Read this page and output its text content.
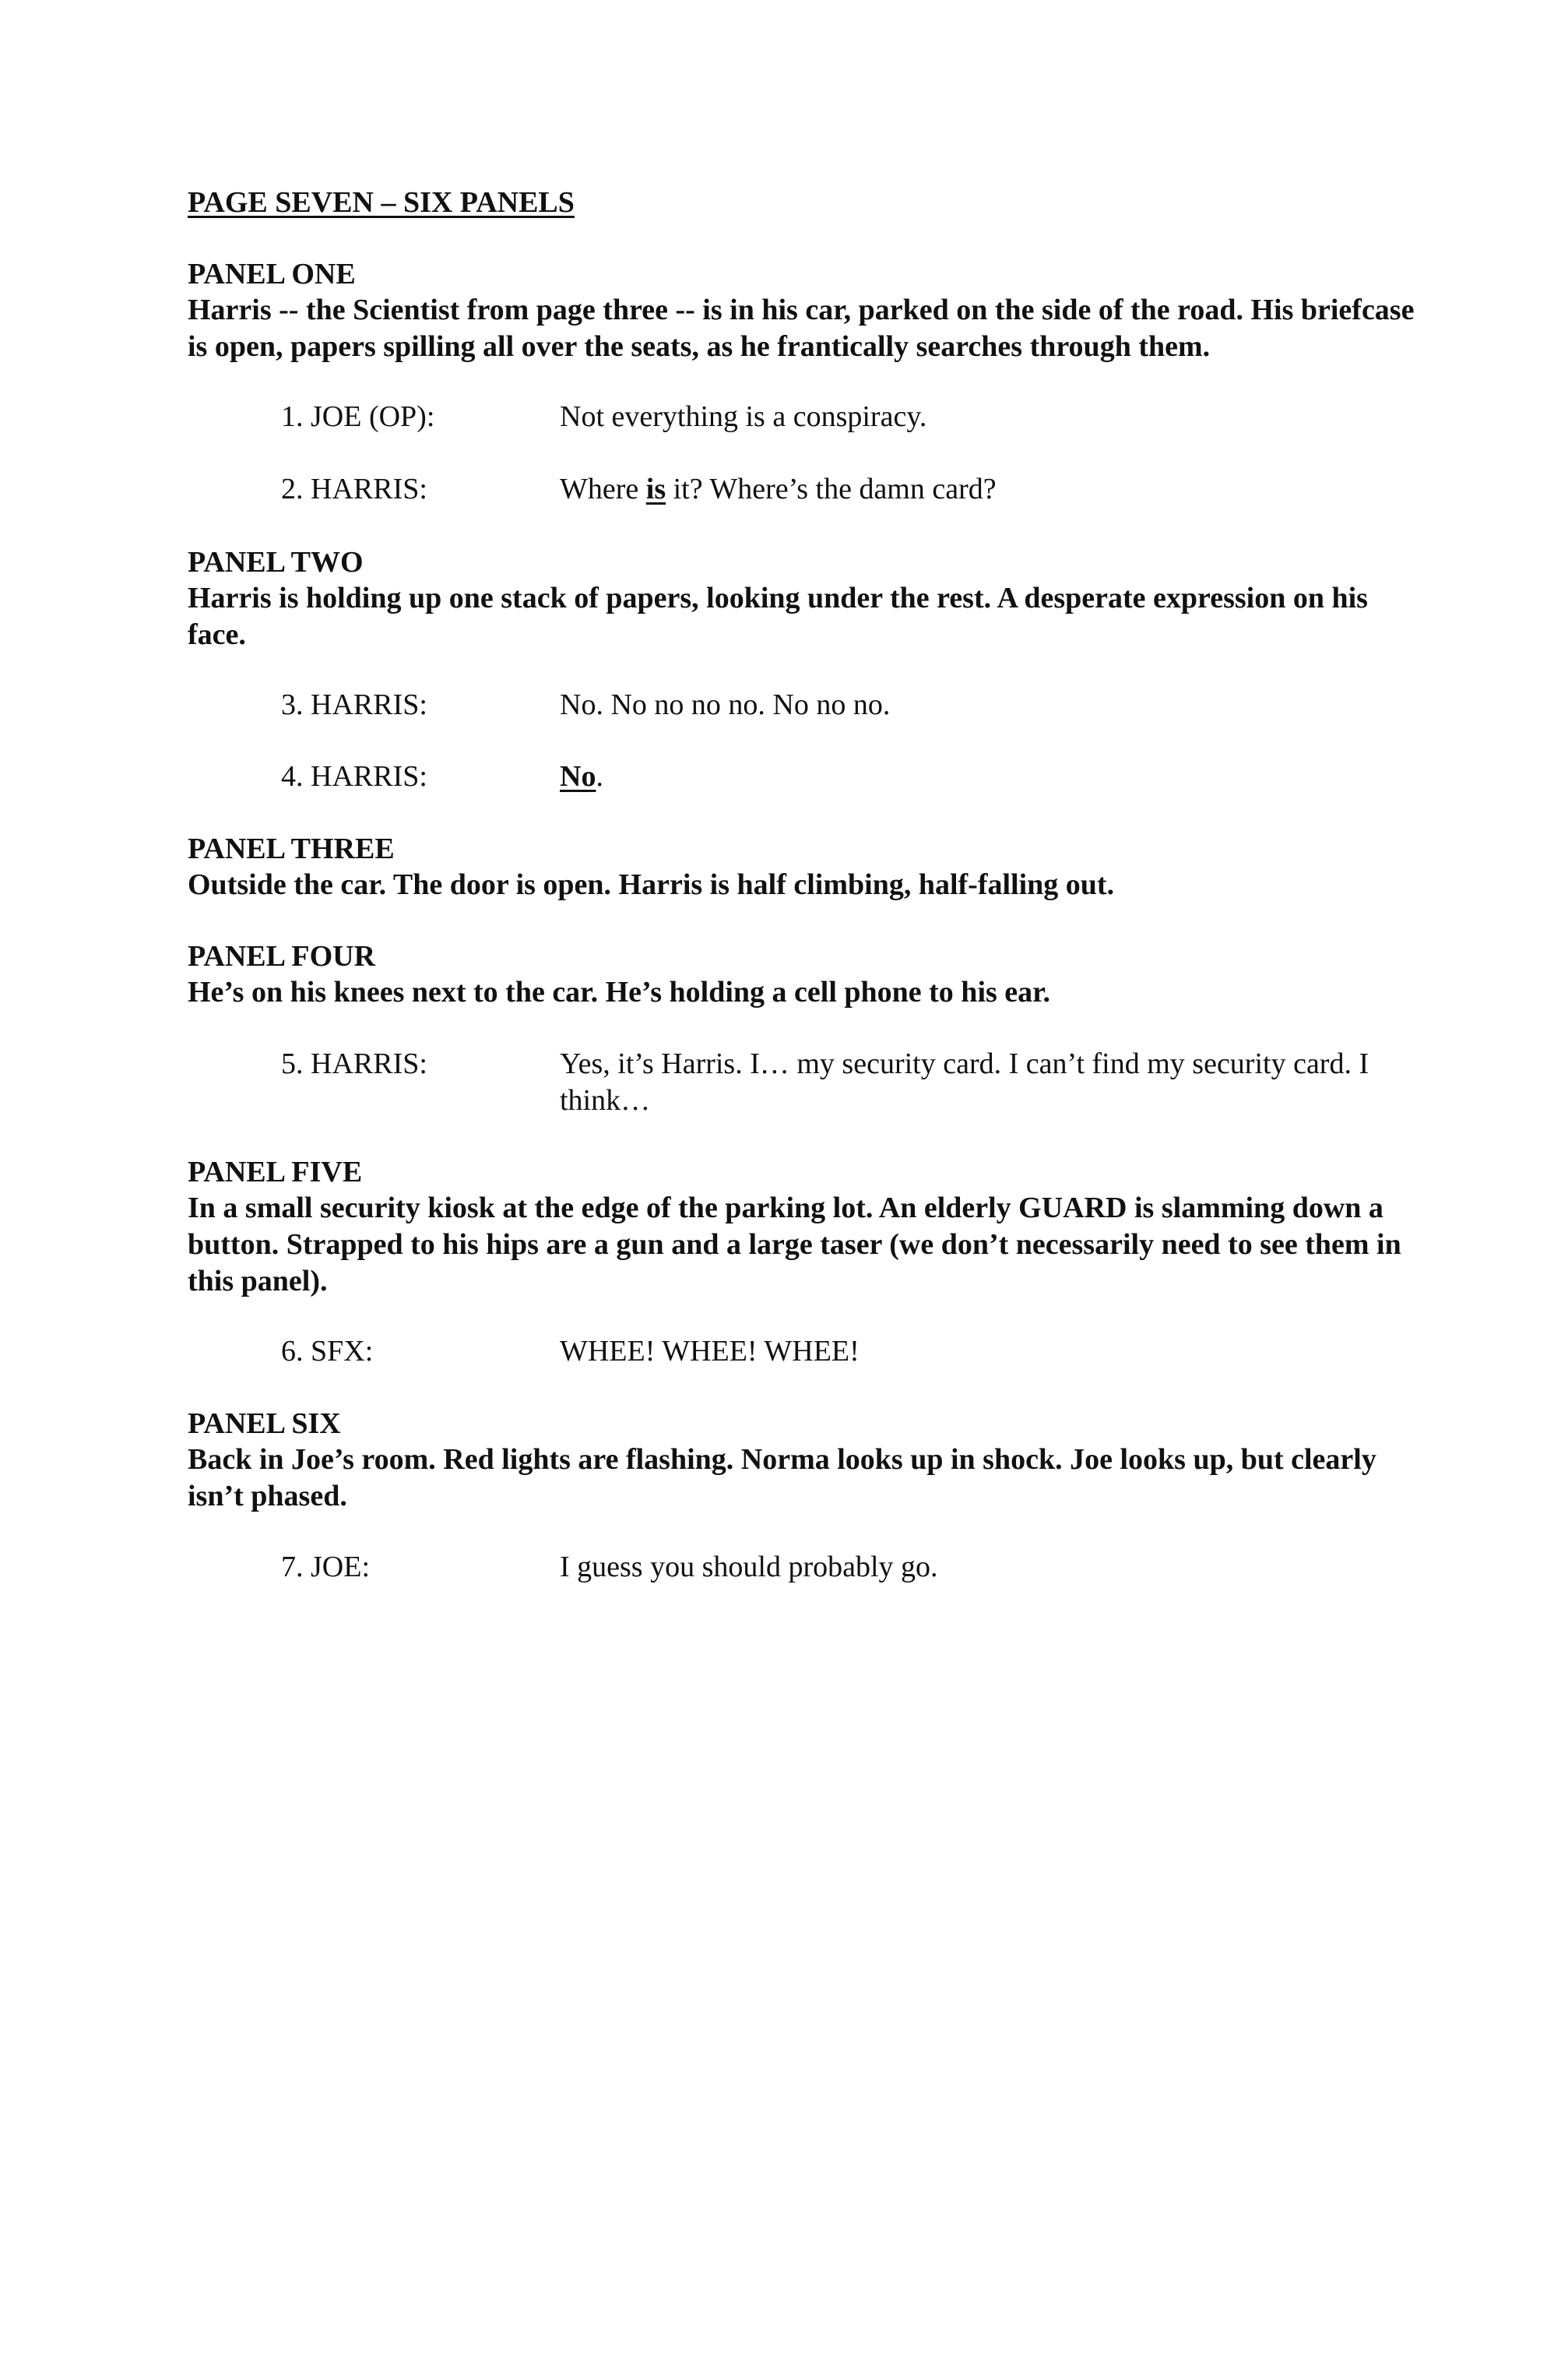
PAGE SEVEN – SIX PANELS
PANEL ONE
Harris -- the Scientist from page three -- is in his car, parked on the side of the road. His briefcase is open, papers spilling all over the seats, as he frantically searches through them.
1. JOE (OP):	Not everything is a conspiracy.
2. HARRIS:	Where is it? Where’s the damn card?
PANEL TWO
Harris is holding up one stack of papers, looking under the rest. A desperate expression on his face.
3. HARRIS:	No. No no no no. No no no.
4. HARRIS:	No.
PANEL THREE
Outside the car. The door is open. Harris is half climbing, half-falling out.
PANEL FOUR
He’s on his knees next to the car. He’s holding a cell phone to his ear.
5. HARRIS:	Yes, it’s Harris. I… my security card. I can’t find my security card. I think…
PANEL FIVE
In a small security kiosk at the edge of the parking lot. An elderly GUARD is slamming down a button. Strapped to his hips are a gun and a large taser (we don’t necessarily need to see them in this panel).
6. SFX:	WHEE! WHEE! WHEE!
PANEL SIX
Back in Joe’s room. Red lights are flashing. Norma looks up in shock. Joe looks up, but clearly isn’t phased.
7. JOE:	I guess you should probably go.
